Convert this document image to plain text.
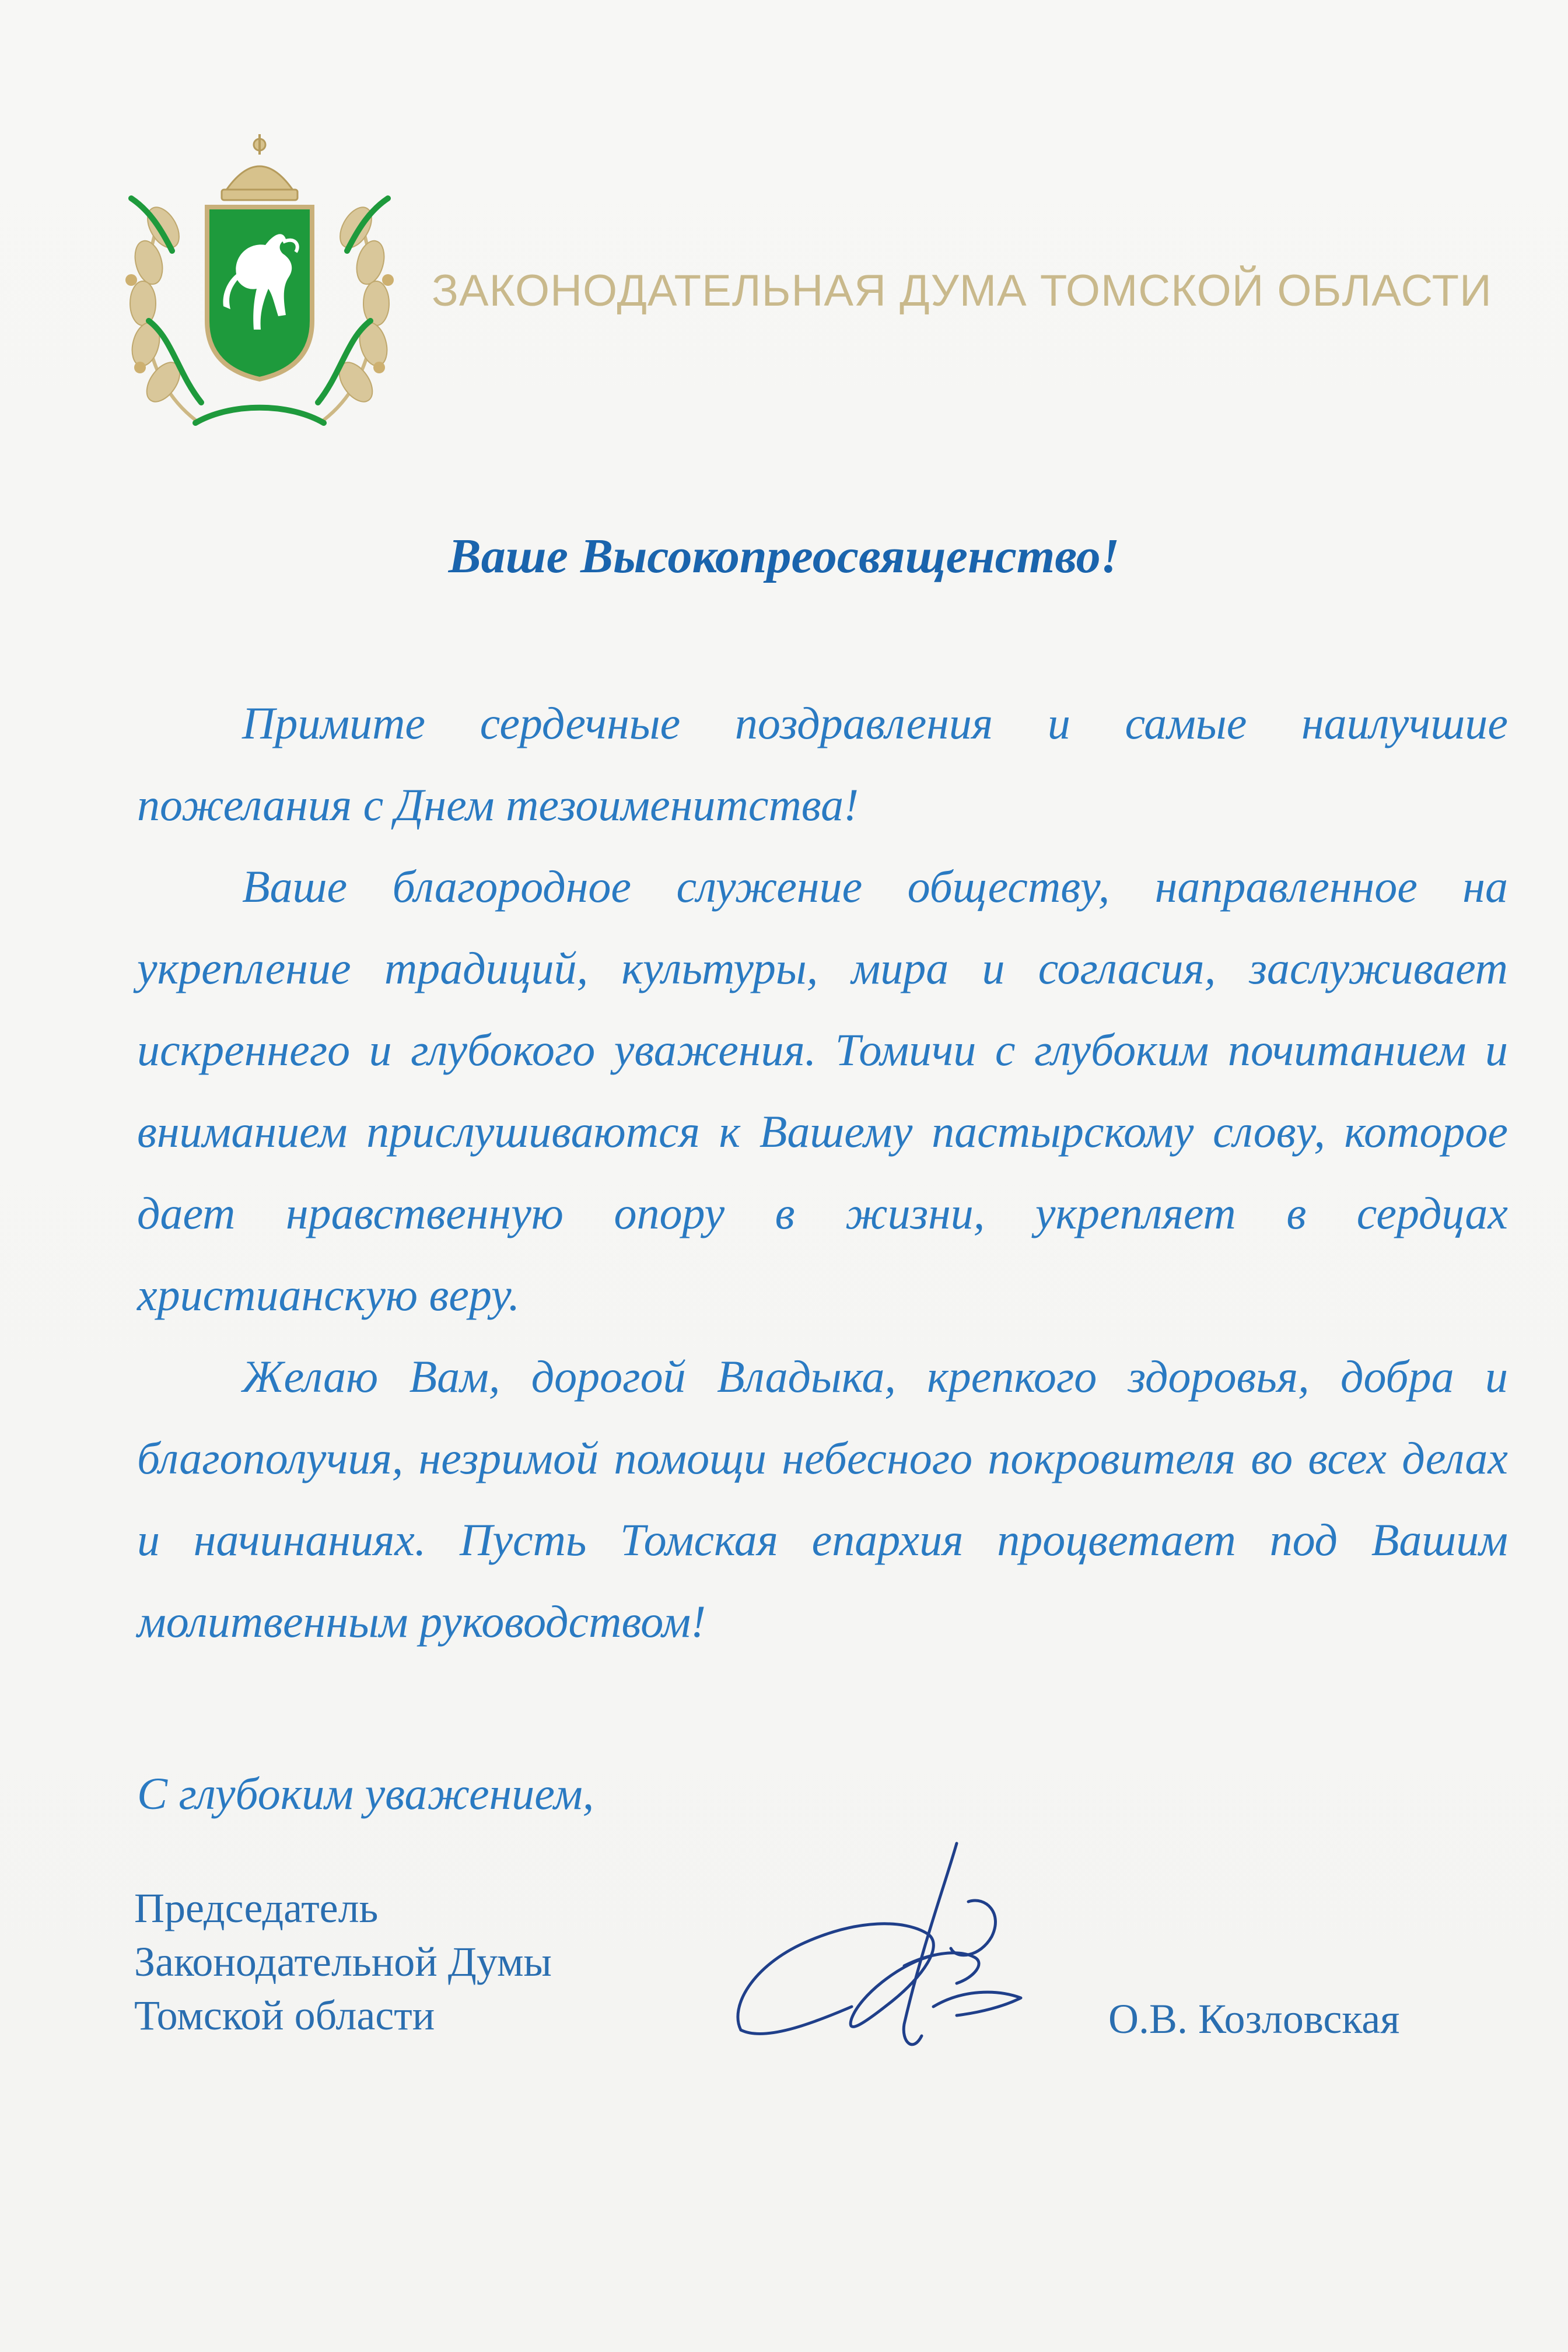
ЗАКОНОДАТЕЛЬНАЯ ДУМА ТОМСКОЙ ОБЛАСТИ
Ваше Высокопреосвященство!
Примите сердечные поздравления и самые наилучшие пожелания с Днем тезоименитства!
Ваше благородное служение обществу, направленное на укрепление традиций, культуры, мира и согласия, заслуживает искреннего и глубокого уважения. Томичи с глубоким почитанием и вниманием прислушиваются к Вашему пастырскому слову, которое дает нравственную опору в жизни, укрепляет в сердцах христианскую веру.
Желаю Вам, дорогой Владыка, крепкого здоровья, добра и благополучия, незримой помощи небесного покровителя во всех делах и начинаниях. Пусть Томская епархия процветает под Вашим молитвенным руководством!
С глубоким уважением,
Председатель
Законодательной Думы
Томской области	О.В. Козловская
